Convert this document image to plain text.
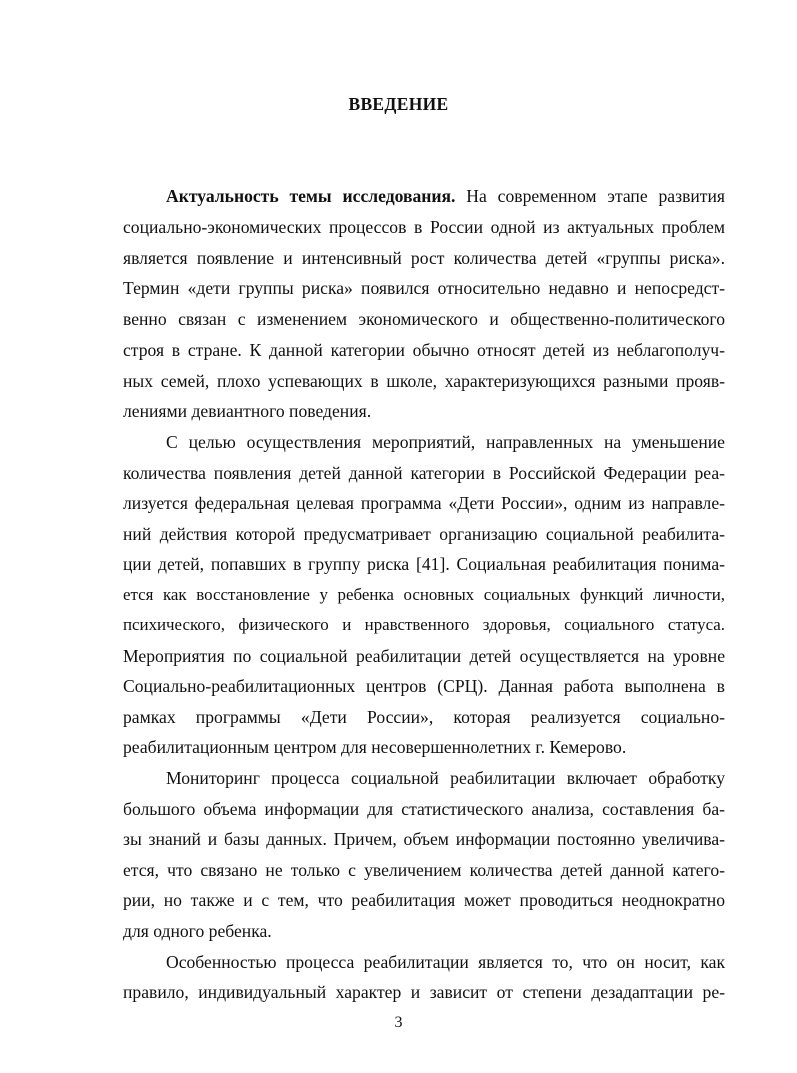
ВВЕДЕНИЕ
Актуальность темы исследования. На современном этапе развития
социально-экономических процессов в России одной из актуальных проблем
является появление и интенсивный рост количества детей «группы риска».
Термин «дети группы риска» появился относительно недавно и непосредст-
венно связан с изменением экономического и общественно-политического
строя в стране. К данной категории обычно относят детей из неблагополуч-
ных семей, плохо успевающих в школе, характеризующихся разными прояв-
лениями девиантного поведения.
С целью осуществления мероприятий, направленных на уменьшение
количества появления детей данной категории в Российской Федерации реа-
лизуется федеральная целевая программа «Дети России», одним из направле-
ний действия которой предусматривает организацию социальной реабилита-
ции детей, попавших в группу риска [41]. Социальная реабилитация понима-
ется как восстановление у ребенка основных социальных функций личности,
психического, физического и нравственного здоровья, социального статуса.
Мероприятия по социальной реабилитации детей осуществляется на уровне
Социально-реабилитационных центров (СРЦ). Данная работа выполнена в
рамках программы «Дети России», которая реализуется социально-
реабилитационным центром для несовершеннолетних г. Кемерово.
Мониторинг процесса социальной реабилитации включает обработку
большого объема информации для статистического анализа, составления ба-
зы знаний и базы данных. Причем, объем информации постоянно увеличива-
ется, что связано не только с увеличением количества детей данной катего-
рии, но также и с тем, что реабилитация может проводиться неоднократно
для одного ребенка.
Особенностью процесса реабилитации является то, что он носит, как
правило, индивидуальный характер и зависит от степени дезадаптации ре-
3
